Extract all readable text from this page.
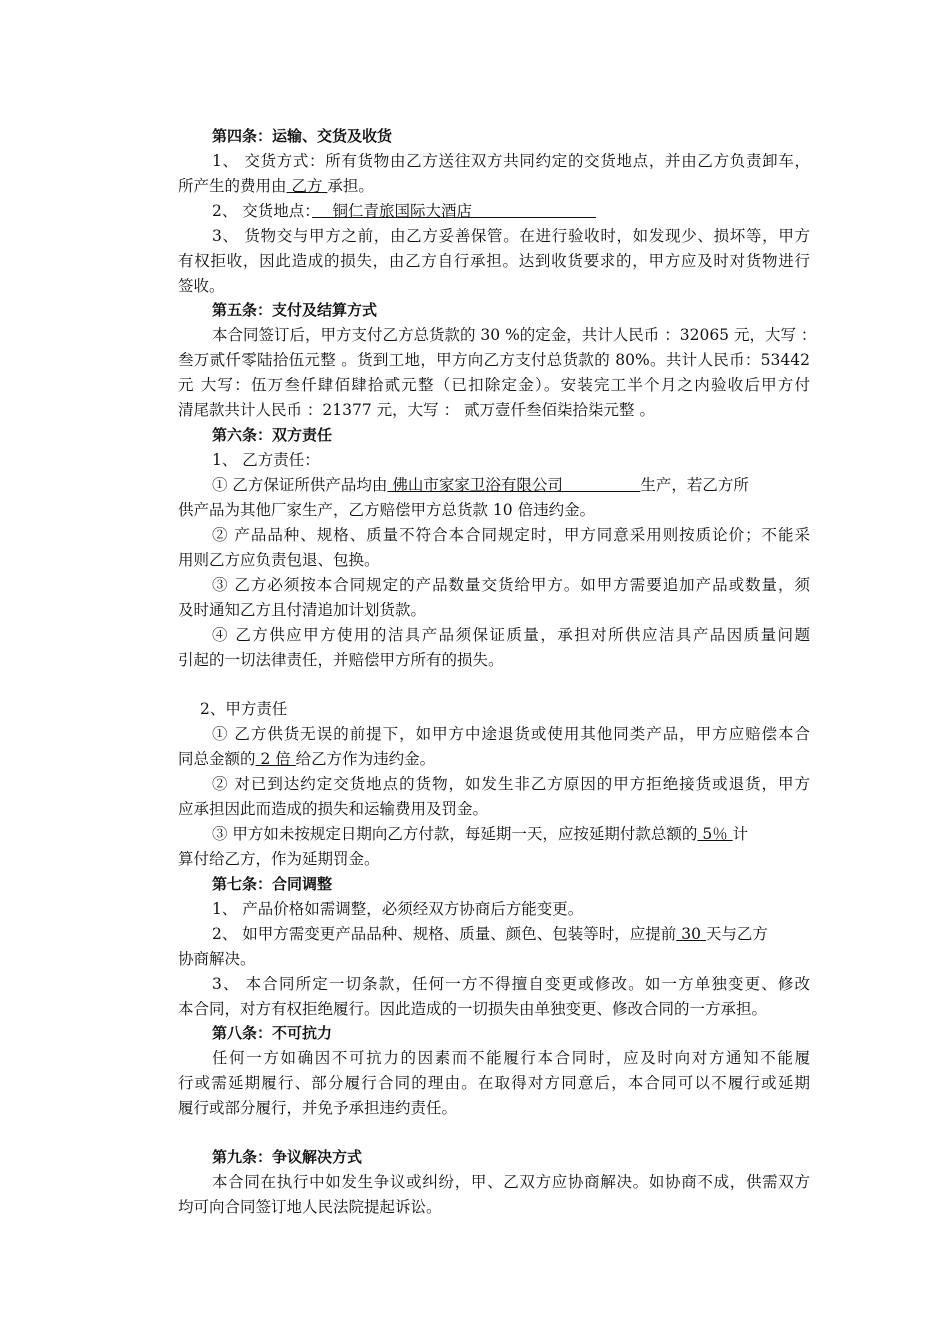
第四条：运输、交货及收货
1、 交货方式：所有货物由乙方送往双方共同约定的交货地点，并由乙方负责卸车，
所产生的费用由 乙方 承担。
2、 交货地点：　 铜仁青旅国际大酒店　　　　　　　　
3、 货物交与甲方之前，由乙方妥善保管。在进行验收时，如发现少、损坏等，甲方
有权拒收，因此造成的损失，由乙方自行承担。达到收货要求的，甲方应及时对货物进行
签收。
第五条：支付及结算方式
本合同签订后，甲方支付乙方总货款的 30 %的定金，共计人民币 ：32065 元，大写 ：
叁万贰仟零陆拾伍元整 。货到工地，甲方向乙方支付总货款的 80%。共计人民币：53442
元 大写：伍万叁仟肆佰肆拾贰元整（已扣除定金）。安装完工半个月之内验收后甲方付
清尾款共计人民币 ：21377 元，大写 ： 贰万壹仟叁佰柒拾柒元整 。
第六条：双方责任
1、 乙方责任：
① 乙方保证所供产品均由 佛山市家家卫浴有限公司　　　　　生产，若乙方所
供产品为其他厂家生产，乙方赔偿甲方总货款 10 倍违约金。
② 产品品种、规格、质量不符合本合同规定时，甲方同意采用则按质论价；不能采
用则乙方应负责包退、包换。
③ 乙方必须按本合同规定的产品数量交货给甲方。如甲方需要追加产品或数量，须
及时通知乙方且付清追加计划货款。
④ 乙方供应甲方使用的洁具产品须保证质量，承担对所供应洁具产品因质量问题
引起的一切法律责任，并赔偿甲方所有的损失。
2、甲方责任
① 乙方供货无误的前提下，如甲方中途退货或使用其他同类产品，甲方应赔偿本合
同总金额的 2 倍 给乙方作为违约金。
② 对已到达约定交货地点的货物，如发生非乙方原因的甲方拒绝接货或退货，甲方
应承担因此而造成的损失和运输费用及罚金。
③ 甲方如未按规定日期向乙方付款，每延期一天，应按延期付款总额的 5％ 计
算付给乙方，作为延期罚金。
第七条：合同调整
1、 产品价格如需调整，必须经双方协商后方能变更。
2、 如甲方需变更产品品种、规格、质量、颜色、包装等时，应提前 30 天与乙方
协商解决。
3、 本合同所定一切条款，任何一方不得擅自变更或修改。如一方单独变更、修改
本合同，对方有权拒绝履行。因此造成的一切损失由单独变更、修改合同的一方承担。
第八条：不可抗力
任何一方如确因不可抗力的因素而不能履行本合同时，应及时向对方通知不能履
行或需延期履行、部分履行合同的理由。在取得对方同意后，本合同可以不履行或延期
履行或部分履行，并免予承担违约责任。
第九条：争议解决方式
本合同在执行中如发生争议或纠纷，甲、乙双方应协商解决。如协商不成，供需双方
均可向合同签订地人民法院提起诉讼。
